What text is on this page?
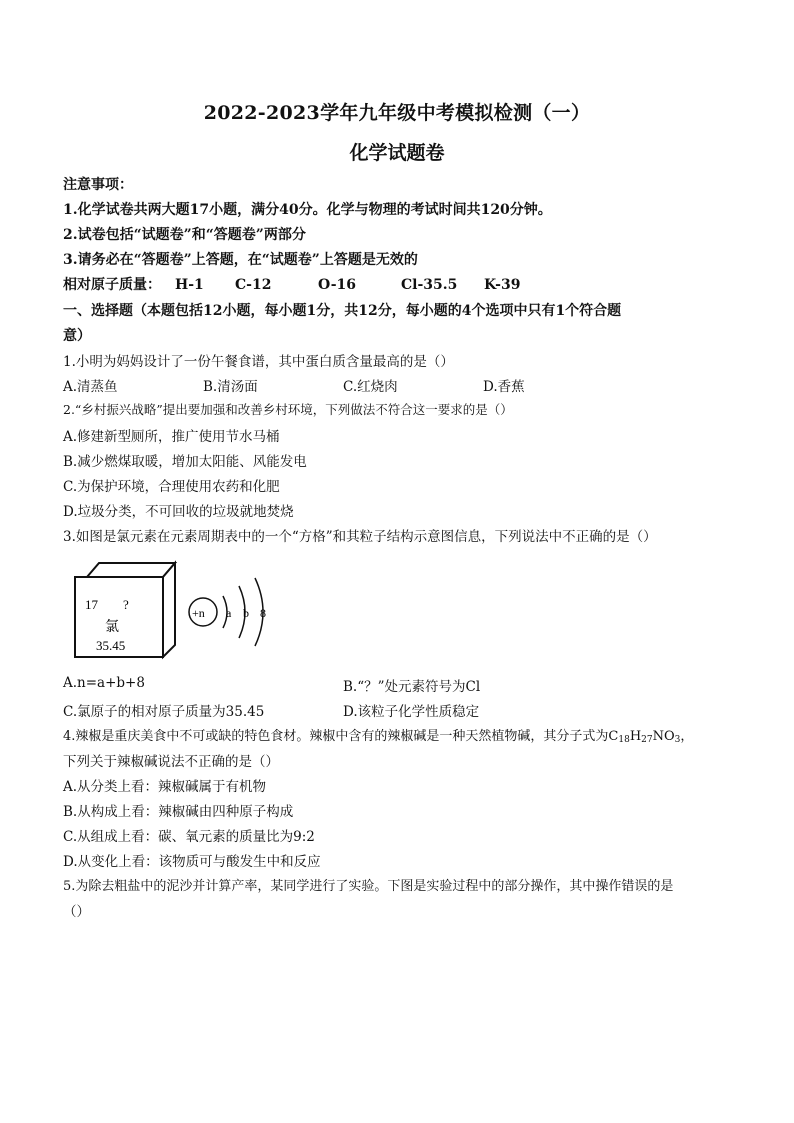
2022-2023学年九年级中考模拟检测（一）
化学试题卷
注意事项：
1.化学试卷共两大题17小题，满分40分。化学与物理的考试时间共120分钟。
2.试卷包括“试题卷”和“答题卷”两部分
3.请务必在“答题卷”上答题，在“试题卷”上答题是无效的
相对原子质量： H-1 C-12	O-16	Cl-35.5 K-39
一、选择题（本题包括12小题，每小题1分，共12分，每小题的4个选项中只有1个符合题
意）
1.小明为妈妈设计了一份午餐食谱，其中蛋白质含量最高的是（）
A.清蒸鱼	B.清汤面	C.红烧肉	D.香蕉
2.“乡村振兴战略”提出要加强和改善乡村环境，下列做法不符合这一要求的是（）
A.修建新型厕所，推广使用节水马桶
B.减少燃煤取暖，增加太阳能、风能发电
C.为保护环境，合理使用农药和化肥
D.垃圾分类，不可回收的垃圾就地焚烧
3.如图是氯元素在元素周期表中的一个“方格”和其粒子结构示意图信息，下列说法中不正确的是（）
17 ?
氯
35.45
+n a b 8
A.n=a+b+8	B.“？”处元素符号为Cl
C.氯原子的相对原子质量为35.45	D.该粒子化学性质稳定
4.辣椒是重庆美食中不可或缺的特色食材。辣椒中含有的辣椒碱是一种天然植物碱，其分子式为$C_{18}H_{27}NO_3$，
下列关于辣椒碱说法不正确的是（）
A.从分类上看：辣椒碱属于有机物
B.从构成上看：辣椒碱由四种原子构成
C.从组成上看：碳、氧元素的质量比为9:2
D.从变化上看：该物质可与酸发生中和反应
5.为除去粗盐中的泥沙并计算产率，某同学进行了实验。下图是实验过程中的部分操作，其中操作错误的是
（）
